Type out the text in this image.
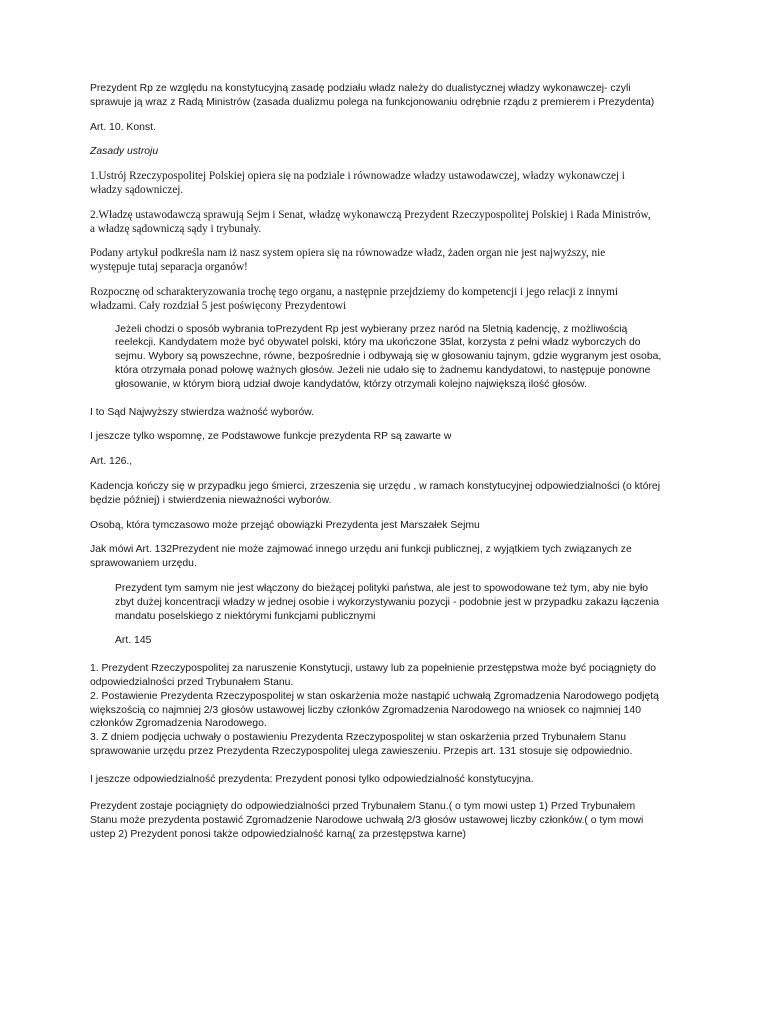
Prezydent Rp ze względu na konstytucyjną zasadę podziału władz należy do dualistycznej władzy wykonawczej- czyli
sprawuje ją wraz z Radą Ministrów (zasada dualizmu polega na funkcjonowaniu odrębnie rządu z premierem i Prezydenta)
Art. 10. Konst.
Zasady ustroju
1.Ustrój Rzeczypospolitej Polskiej opiera się na podziale i równowadze władzy ustawodawczej, władzy wykonawczej i
władzy sądowniczej.
2.Władzę ustawodawczą sprawują Sejm i Senat, władzę wykonawczą Prezydent Rzeczypospolitej Polskiej i Rada Ministrów,
a władzę sądowniczą sądy i trybunały.
Podany artykuł podkreśla nam iż nasz system opiera się na równowadze władz, żaden organ nie jest najwyższy, nie
występuje tutaj separacja organów!
Rozpocznę od scharakteryzowania trochę tego organu, a następnie przejdziemy do kompetencji i jego relacji z innymi
władzami. Cały rozdział 5 jest poświęcony Prezydentowi
Jeżeli chodzi o sposób wybrania toPrezydent Rp jest wybierany przez naród na 5letnią kadencję, z możliwością
reelekcji. Kandydatem może być obywatel polski, który ma ukończone 35lat, korzysta z pełni władz wyborczych do
sejmu. Wybory są powszechne, równe, bezpośrednie i odbywają się w głosowaniu tajnym, gdzie wygranym jest osoba,
która otrzymała ponad połowę ważnych głosów. Jeżeli nie udało się to żadnemu kandydatowi, to następuje ponowne
głosowanie, w którym biorą udział dwoje kandydatów, którzy otrzymali kolejno największą ilość głosów.
I to Sąd Najwyższy stwierdza ważność wyborów.
I jeszcze tylko wspomnę, ze Podstawowe funkcje prezydenta RP są zawarte w
Art. 126.,
Kadencja kończy się w przypadku jego śmierci, zrzeszenia się urzędu , w ramach konstytucyjnej odpowiedzialności (o której
będzie później) i stwierdzenia nieważności wyborów.
Osobą, która tymczasowo może przejąć obowiązki Prezydenta jest Marszałek Sejmu
Jak mówi Art. 132Prezydent nie może zajmować innego urzędu ani funkcji publicznej, z wyjątkiem tych związanych ze
sprawowaniem urzędu.
Prezydent tym samym nie jest włączony do bieżącej polityki państwa, ale jest to spowodowane też tym, aby nie było
zbyt dużej koncentracji władzy w jednej osobie i wykorzystywaniu pozycji - podobnie jest w przypadku zakazu łączenia
mandatu poselskiego z niektórymi funkcjami publicznymi
Art. 145
1. Prezydent Rzeczypospolitej za naruszenie Konstytucji, ustawy lub za popełnienie przestępstwa może być pociągnięty do
odpowiedzialności przed Trybunałem Stanu.
2. Postawienie Prezydenta Rzeczypospolitej w stan oskarżenia może nastąpić uchwałą Zgromadzenia Narodowego podjętą
większością co najmniej 2/3 głosów ustawowej liczby członków Zgromadzenia Narodowego na wniosek co najmniej 140
członków Zgromadzenia Narodowego.
3. Z dniem podjęcia uchwały o postawieniu Prezydenta Rzeczypospolitej w stan oskarżenia przed Trybunałem Stanu
sprawowanie urzędu przez Prezydenta Rzeczypospolitej ulega zawieszeniu. Przepis art. 131 stosuje się odpowiednio.
I jeszcze odpowiedzialność prezydenta: Prezydent ponosi tylko odpowiedzialność konstytucyjna.
Prezydent zostaje pociągnięty do odpowiedzialności przed Trybunałem Stanu.( o tym mowi ustep 1) Przed Trybunałem
Stanu może prezydenta postawić Zgromadzenie Narodowe uchwałą 2/3 głosów ustawowej liczby członków.( o tym mowi
ustep 2) Prezydent ponosi także odpowiedzialność karną( za przestępstwa karne)
